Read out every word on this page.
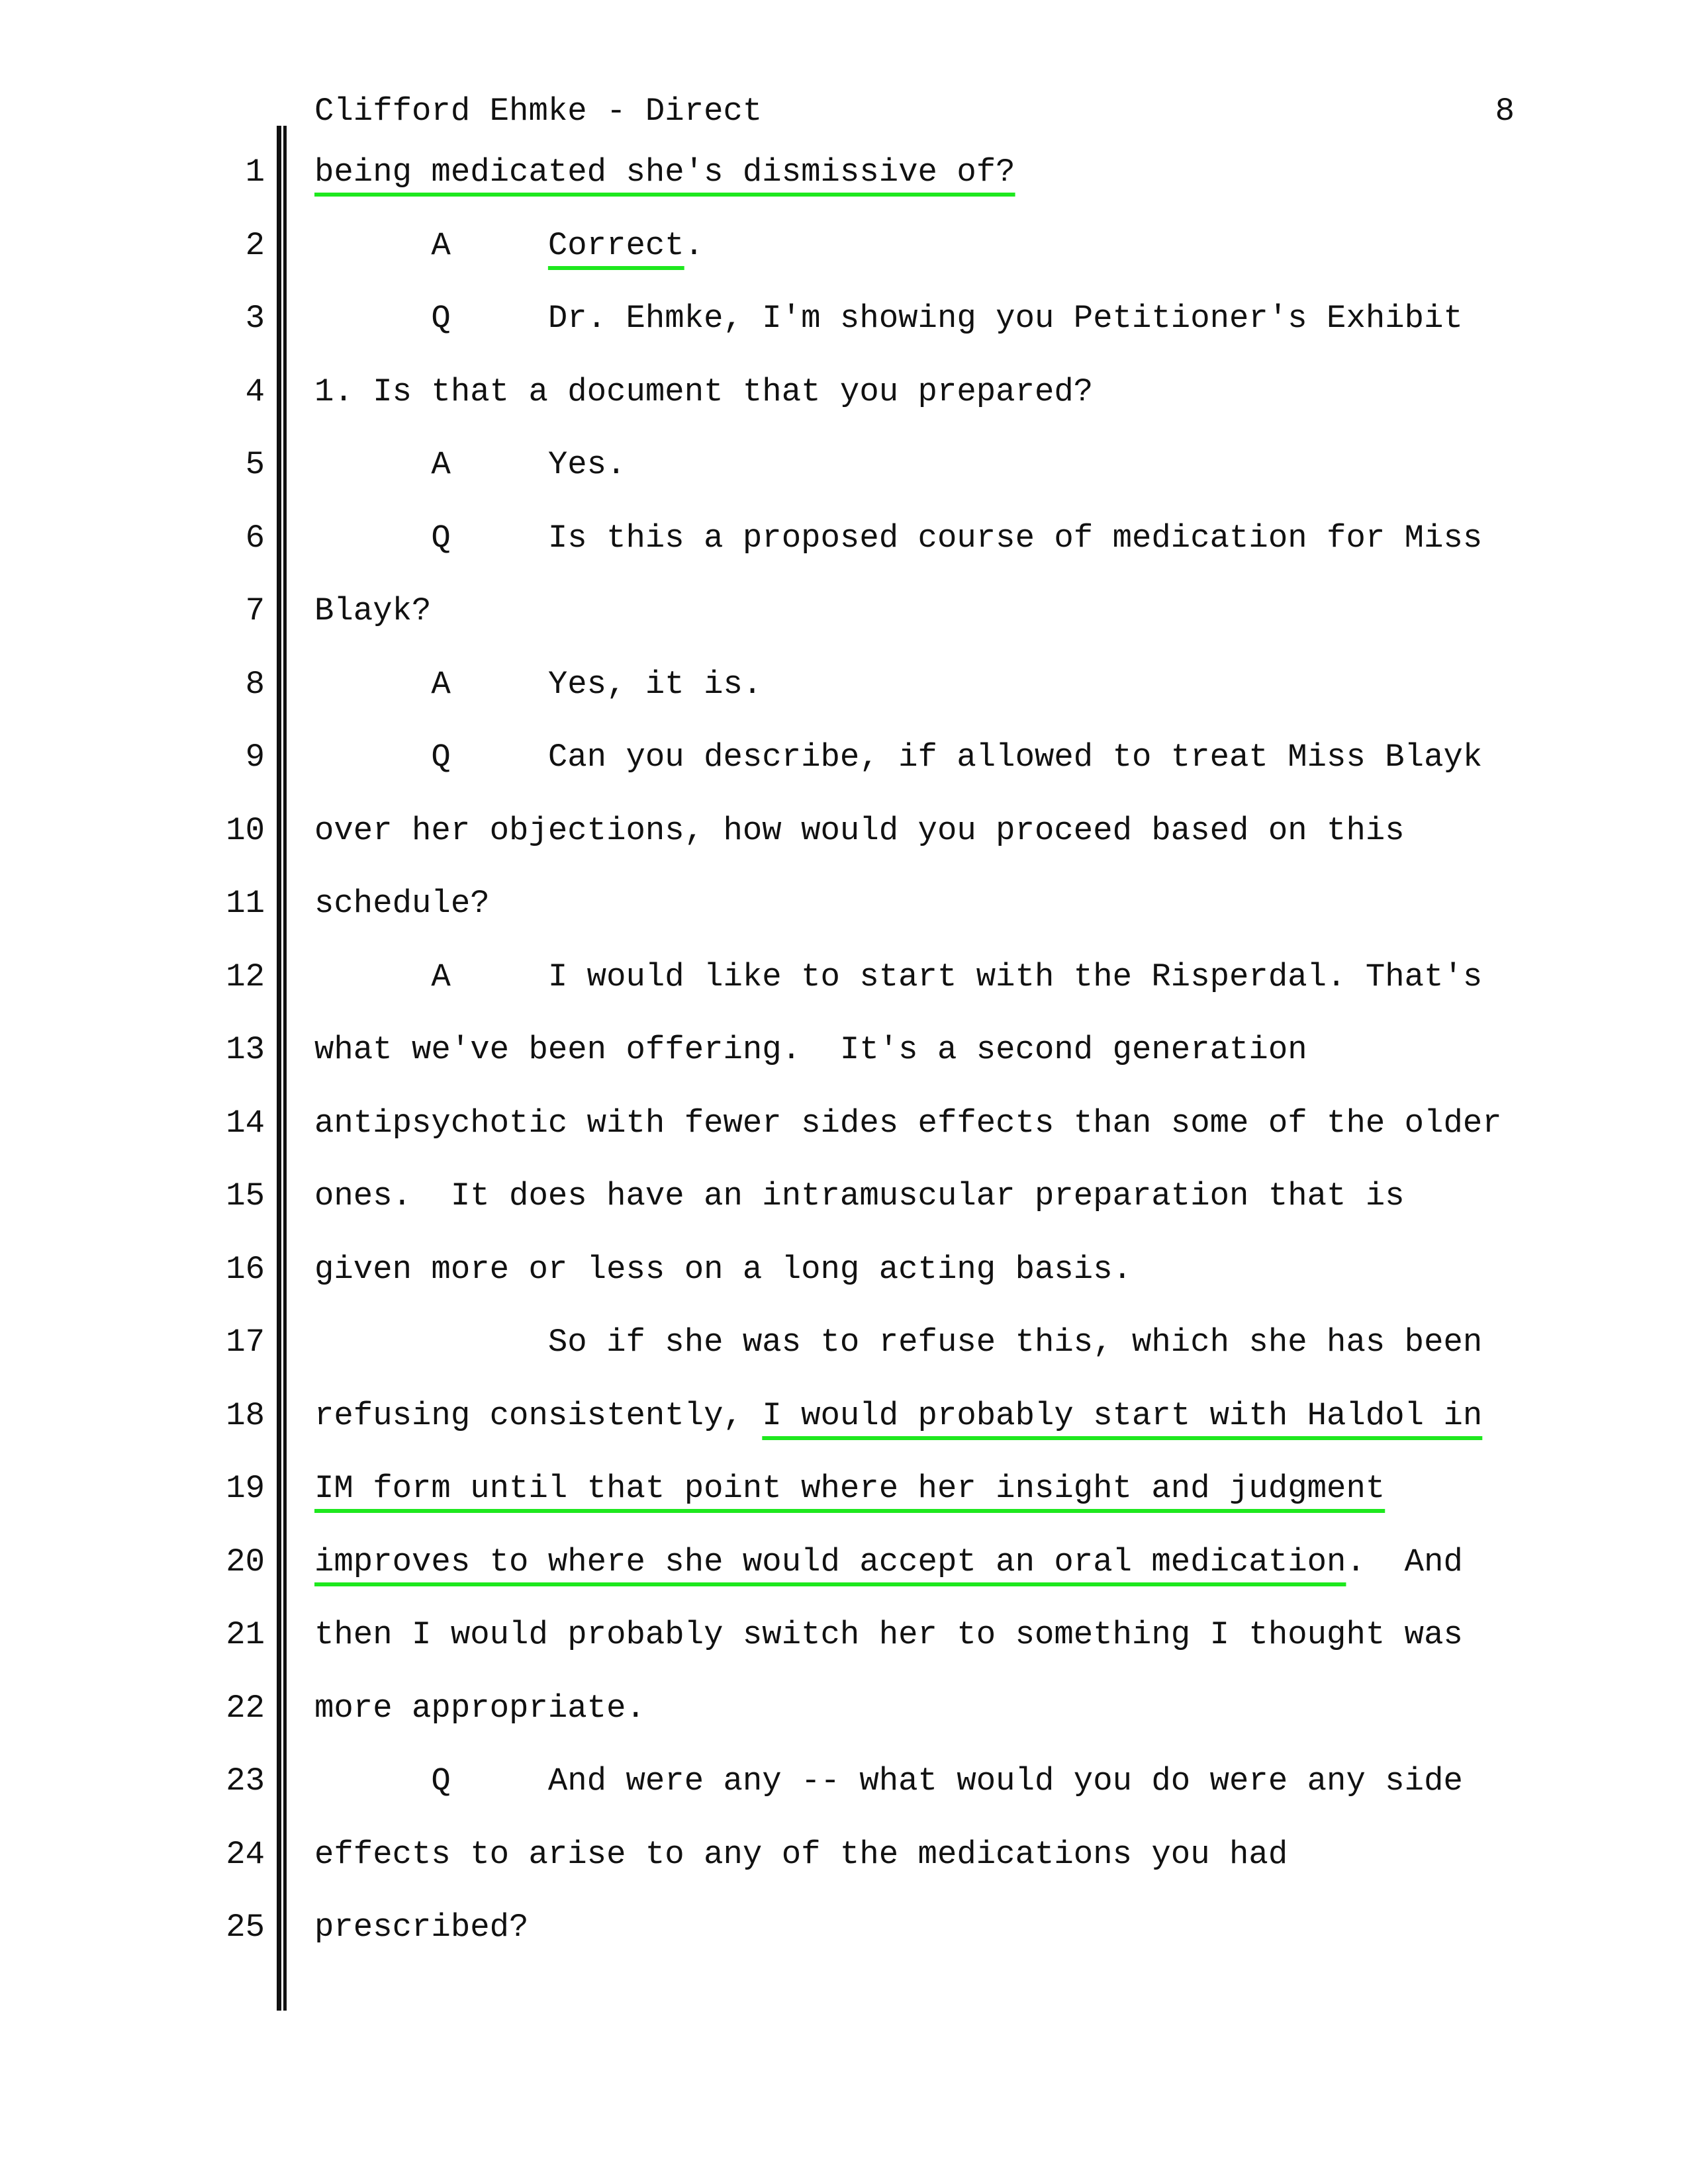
Clifford Ehmke - Direct	8
1 being medicated she's dismissive of?
2 A     Correct.
3 Q     Dr. Ehmke, I'm showing you Petitioner's Exhibit
4 1. Is that a document that you prepared?
5 A     Yes.
6 Q     Is this a proposed course of medication for Miss
7 Blayk?
8 A     Yes, it is.
9 Q     Can you describe, if allowed to treat Miss Blayk
10 over her objections, how would you proceed based on this
11 schedule?
12 A     I would like to start with the Risperdal. That's
13 what we've been offering.  It's a second generation
14 antipsychotic with fewer sides effects than some of the older
15 ones.  It does have an intramuscular preparation that is
16 given more or less on a long acting basis.
17 So if she was to refuse this, which she has been
18 refusing consistently, I would probably start with Haldol in
19 IM form until that point where her insight and judgment
20 improves to where she would accept an oral medication.  And
21 then I would probably switch her to something I thought was
22 more appropriate.
23 Q     And were any -- what would you do were any side
24 effects to arise to any of the medications you had
25 prescribed?
